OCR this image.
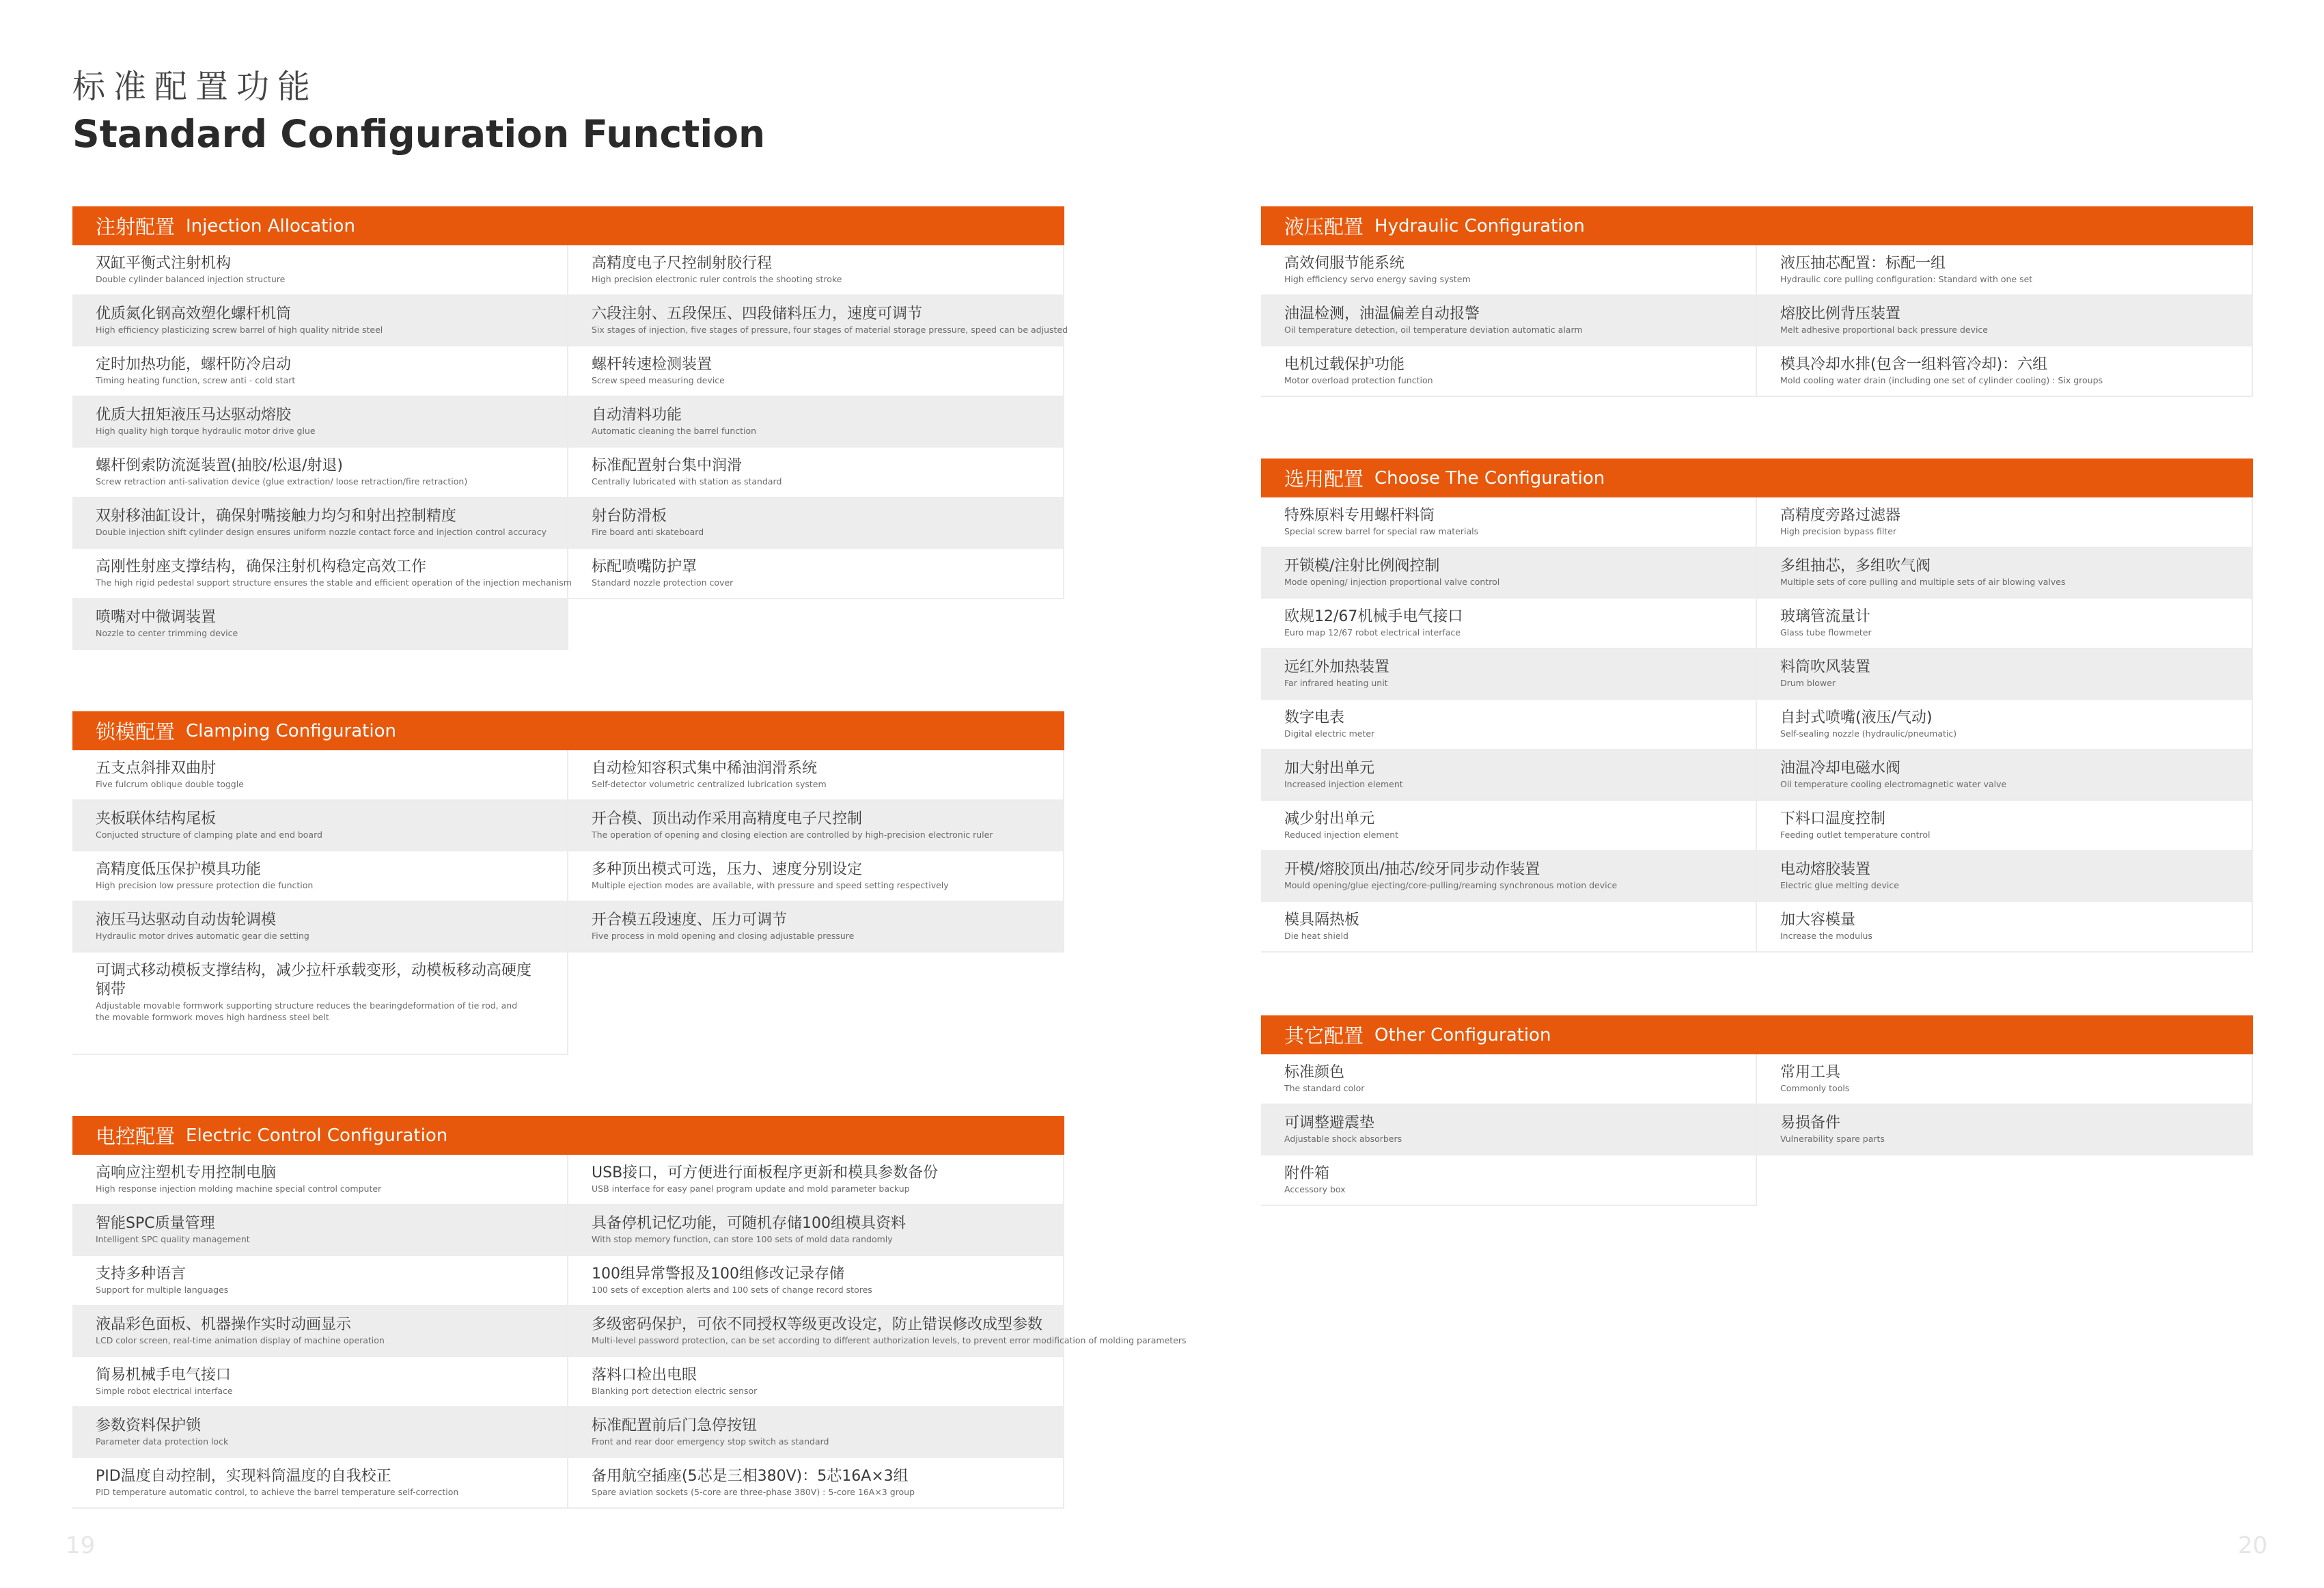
标准配置功能
Standard Configuration Function
注射配置 Injection Allocation
双缸平衡式注射机构
Double cylinder balanced injection structure
高精度电子尺控制射胶行程
High precision electronic ruler controls the shooting stroke
优质氮化钢高效塑化螺杆机筒
High efficiency plasticizing screw barrel of high quality nitride steel
六段注射、五段保压、四段储料压力，速度可调节
Six stages of injection, five stages of pressure, four stages of material storage pressure, speed can be adjusted
定时加热功能，螺杆防冷启动
Timing heating function, screw anti - cold start
螺杆转速检测装置
Screw speed measuring device
优质大扭矩液压马达驱动熔胶
High quality high torque hydraulic motor drive glue
自动清料功能
Automatic cleaning the barrel function
螺杆倒索防流涎装置(抽胶/松退/射退)
Screw retraction anti-salivation device (glue extraction/ loose retraction/fire retraction)
标准配置射台集中润滑
Centrally lubricated with station as standard
双射移油缸设计，确保射嘴接触力均匀和射出控制精度
Double injection shift cylinder design ensures uniform nozzle contact force and injection control accuracy
射台防滑板
Fire board anti skateboard
高刚性射座支撑结构，确保注射机构稳定高效工作
The high rigid pedestal support structure ensures the stable and efficient operation of the injection mechanism
标配喷嘴防护罩
Standard nozzle protection cover
喷嘴对中微调装置
Nozzle to center trimming device
锁模配置 Clamping Configuration
五支点斜排双曲肘
Five fulcrum oblique double toggle
自动检知容积式集中稀油润滑系统
Self-detector volumetric centralized lubrication system
夹板联体结构尾板
Conjucted structure of clamping plate and end board
开合模、顶出动作采用高精度电子尺控制
The operation of opening and closing election are controlled by high-precision electronic ruler
高精度低压保护模具功能
High precision low pressure protection die function
多种顶出模式可选，压力、速度分别设定
Multiple ejection modes are available, with pressure and speed setting respectively
液压马达驱动自动齿轮调模
Hydraulic motor drives automatic gear die setting
开合模五段速度、压力可调节
Five process in mold opening and closing adjustable pressure
可调式移动模板支撑结构，减少拉杆承载变形，动模板移动高硬度钢带
Adjustable movable formwork supporting structure reduces the bearingdeformation of tie rod, and the movable formwork moves high hardness steel belt
电控配置 Electric Control Configuration
高响应注塑机专用控制电脑
High response injection molding machine special control computer
USB接口，可方便进行面板程序更新和模具参数备份
USB interface for easy panel program update and mold parameter backup
智能SPC质量管理
Intelligent SPC quality management
具备停机记忆功能，可随机存储100组模具资料
With stop memory function, can store 100 sets of mold data randomly
支持多种语言
Support for multiple languages
100组异常警报及100组修改记录存储
100 sets of exception alerts and 100 sets of change record stores
液晶彩色面板、机器操作实时动画显示
LCD color screen, real-time animation display of machine operation
多级密码保护，可依不同授权等级更改设定，防止错误修改成型参数
Multi-level password protection, can be set according to different authorization levels, to prevent error modification of molding parameters
简易机械手电气接口
Simple robot electrical interface
落料口检出电眼
Blanking port detection electric sensor
参数资料保护锁
Parameter data protection lock
标准配置前后门急停按钮
Front and rear door emergency stop switch as standard
PID温度自动控制，实现料筒温度的自我校正
PID temperature automatic control, to achieve the barrel temperature self-correction
备用航空插座(5芯是三相380V)：5芯16A×3组
Spare aviation sockets (5-core are three-phase 380V) : 5-core 16A×3 group
液压配置 Hydraulic Configuration
高效伺服节能系统
High efficiency servo energy saving system
液压抽芯配置：标配一组
Hydraulic core pulling configuration: Standard with one set
油温检测，油温偏差自动报警
Oil temperature detection, oil temperature deviation automatic alarm
熔胶比例背压装置
Melt adhesive proportional back pressure device
电机过载保护功能
Motor overload protection function
模具冷却水排(包含一组料管冷却)：六组
Mold cooling water drain (including one set of cylinder cooling) : Six groups
选用配置 Choose The Configuration
特殊原料专用螺杆料筒
Special screw barrel for special raw materials
高精度旁路过滤器
High precision bypass filter
开锁模/注射比例阀控制
Mode opening/ injection proportional valve control
多组抽芯，多组吹气阀
Multiple sets of core pulling and multiple sets of air blowing valves
欧规12/67机械手电气接口
Euro map 12/67 robot electrical interface
玻璃管流量计
Glass tube flowmeter
远红外加热装置
Far infrared heating unit
料筒吹风装置
Drum blower
数字电表
Digital electric meter
自封式喷嘴(液压/气动)
Self-sealing nozzle (hydraulic/pneumatic)
加大射出单元
Increased injection element
油温冷却电磁水阀
Oil temperature cooling electromagnetic water valve
减少射出单元
Reduced injection element
下料口温度控制
Feeding outlet temperature control
开模/熔胶顶出/抽芯/绞牙同步动作装置
Mould opening/glue ejecting/core-pulling/reaming synchronous motion device
电动熔胶装置
Electric glue melting device
模具隔热板
Die heat shield
加大容模量
Increase the modulus
其它配置 Other Configuration
标准颜色
The standard color
常用工具
Commonly tools
可调整避震垫
Adjustable shock absorbers
易损备件
Vulnerability spare parts
附件箱
Accessory box
19	20
